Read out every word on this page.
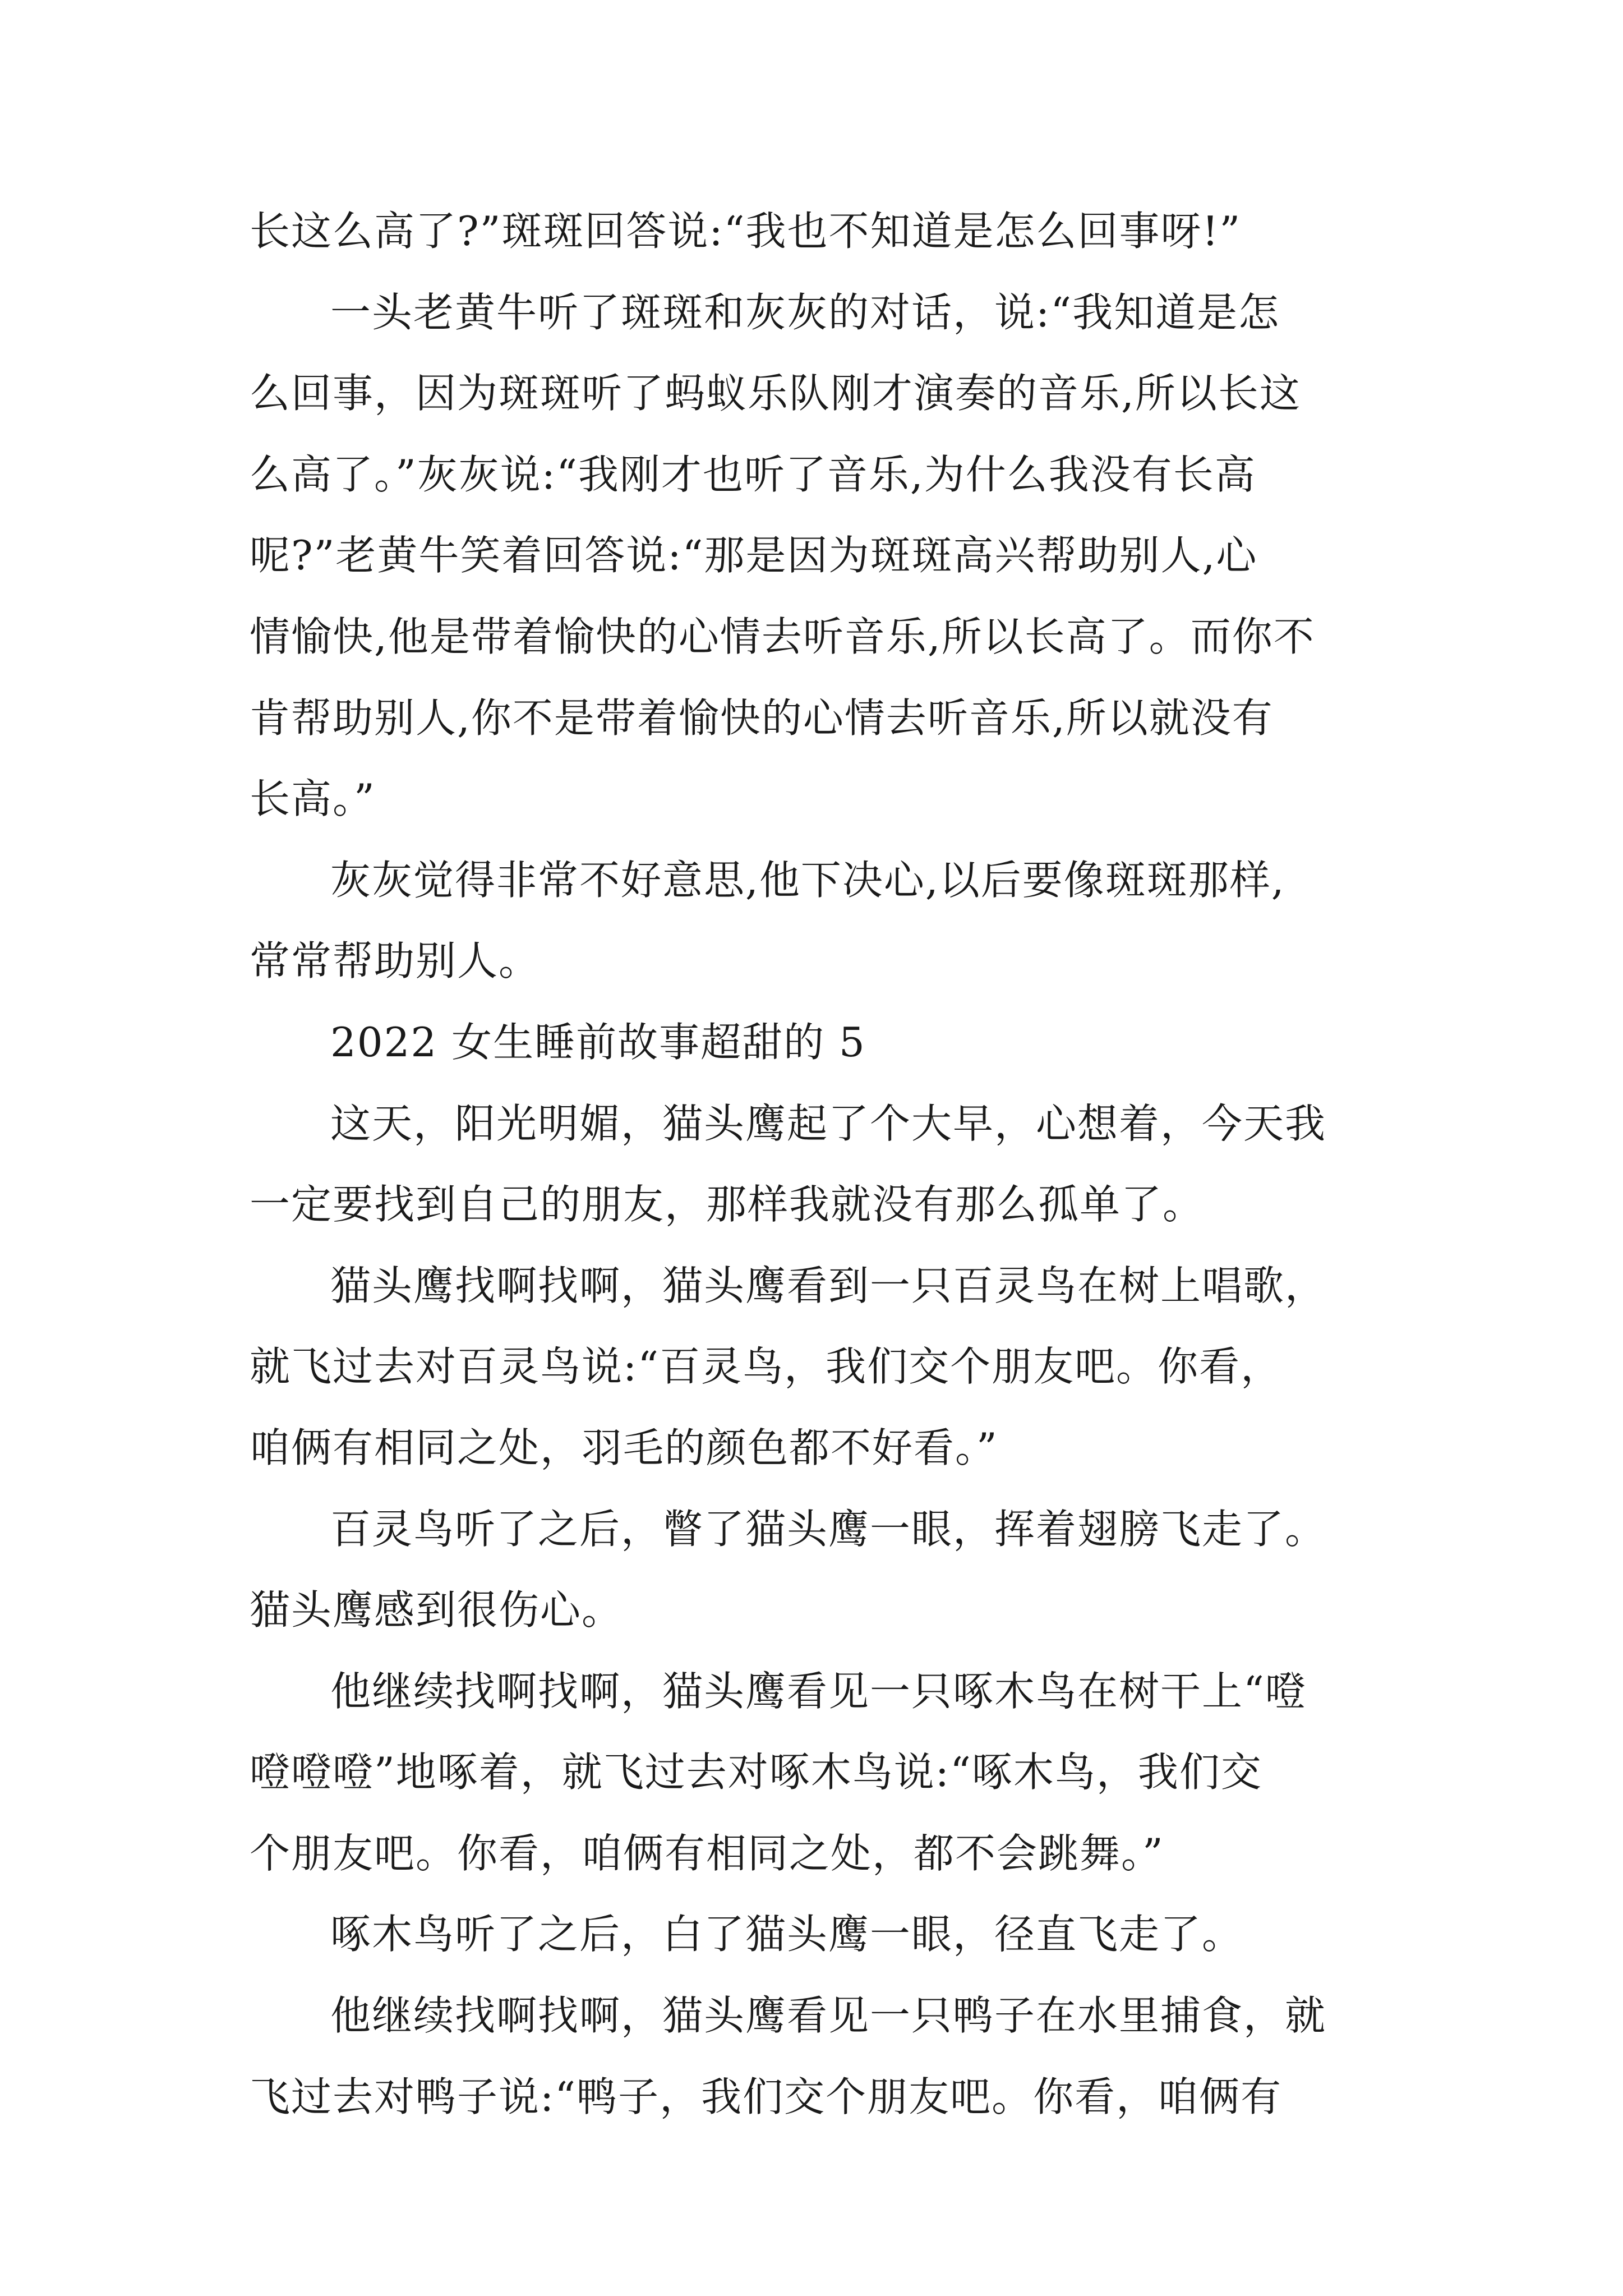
长这么高了?”斑斑回答说:“我也不知道是怎么回事呀!”
一头老黄牛听了斑斑和灰灰的对话，说:“我知道是怎
么回事，因为斑斑听了蚂蚁乐队刚才演奏的音乐,所以长这
么高了。”灰灰说:“我刚才也听了音乐,为什么我没有长高
呢?”老黄牛笑着回答说:“那是因为斑斑高兴帮助别人,心
情愉快,他是带着愉快的心情去听音乐,所以长高了。而你不
肯帮助别人,你不是带着愉快的心情去听音乐,所以就没有
长高。”
灰灰觉得非常不好意思,他下决心,以后要像斑斑那样,
常常帮助别人。
2022 女生睡前故事超甜的 5
这天，阳光明媚，猫头鹰起了个大早，心想着，今天我
一定要找到自己的朋友，那样我就没有那么孤单了。
猫头鹰找啊找啊，猫头鹰看到一只百灵鸟在树上唱歌，
就飞过去对百灵鸟说:“百灵鸟，我们交个朋友吧。你看，
咱俩有相同之处，羽毛的颜色都不好看。”
百灵鸟听了之后，瞥了猫头鹰一眼，挥着翅膀飞走了。
猫头鹰感到很伤心。
他继续找啊找啊，猫头鹰看见一只啄木鸟在树干上“噔
噔噔噔”地啄着，就飞过去对啄木鸟说:“啄木鸟，我们交
个朋友吧。你看，咱俩有相同之处，都不会跳舞。”
啄木鸟听了之后，白了猫头鹰一眼，径直飞走了。
他继续找啊找啊，猫头鹰看见一只鸭子在水里捕食，就
飞过去对鸭子说:“鸭子，我们交个朋友吧。你看，咱俩有
